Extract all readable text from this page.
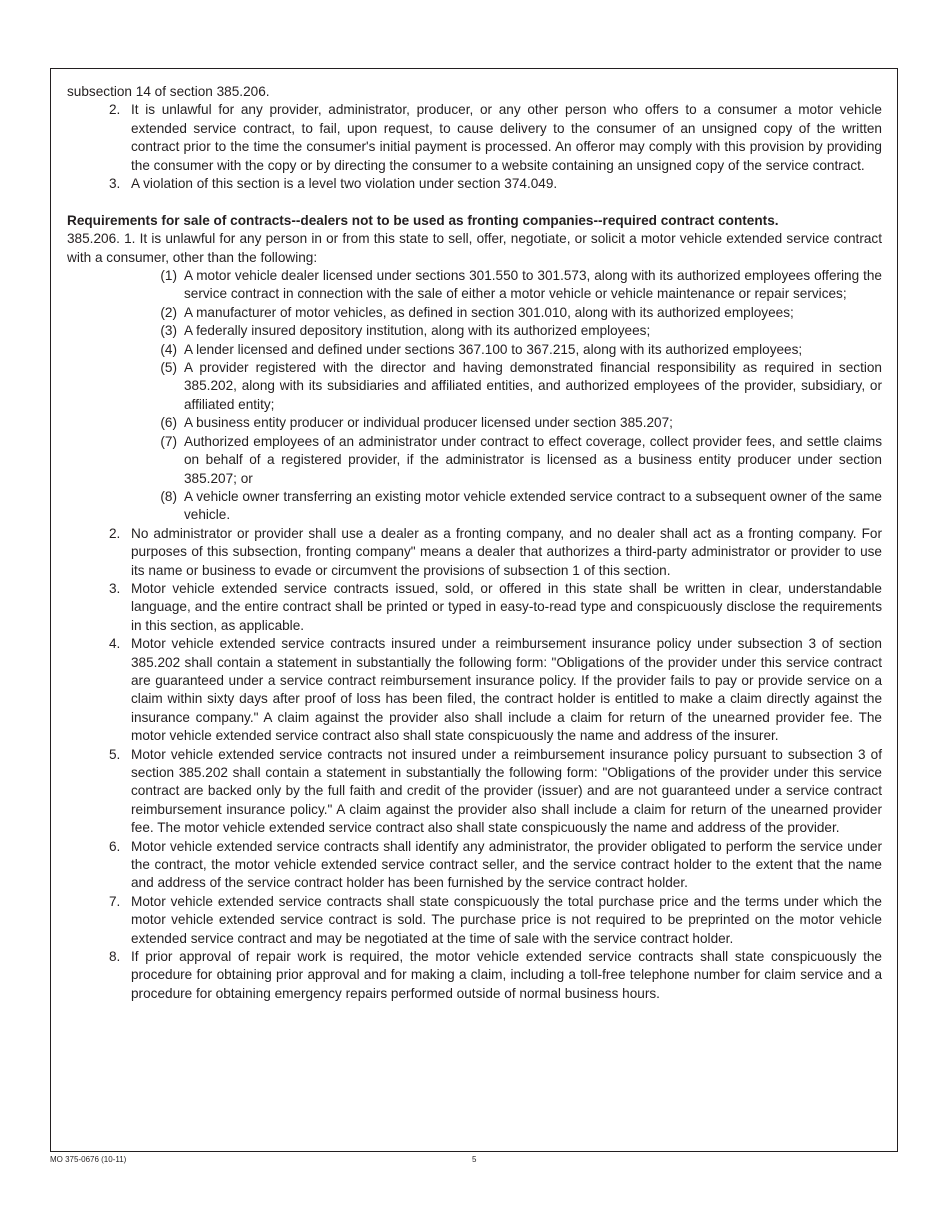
subsection 14 of section 385.206.

2. It is unlawful for any provider, administrator, producer, or any other person who offers to a consumer a motor vehicle extended service contract, to fail, upon request, to cause delivery to the consumer of an unsigned copy of the written contract prior to the time the consumer's initial payment is processed. An offeror may comply with this provision by providing the consumer with the copy or by directing the consumer to a website containing an unsigned copy of the service contract.
3. A violation of this section is a level two violation under section 374.049.

Requirements for sale of contracts--dealers not to be used as fronting companies--required contract contents.

385.206. 1. It is unlawful for any person in or from this state to sell, offer, negotiate, or solicit a motor vehicle extended service contract with a consumer, other than the following:

(1) A motor vehicle dealer licensed under sections 301.550 to 301.573, along with its authorized employees offering the service contract in connection with the sale of either a motor vehicle or vehicle maintenance or repair services;
(2) A manufacturer of motor vehicles, as defined in section 301.010, along with its authorized employees;
(3) A federally insured depository institution, along with its authorized employees;
(4) A lender licensed and defined under sections 367.100 to 367.215, along with its authorized employees;
(5) A provider registered with the director and having demonstrated financial responsibility as required in section 385.202, along with its subsidiaries and affiliated entities, and authorized employees of the provider, subsidiary, or affiliated entity;
(6) A business entity producer or individual producer licensed under section 385.207;
(7) Authorized employees of an administrator under contract to effect coverage, collect provider fees, and settle claims on behalf of a registered provider, if the administrator is licensed as a business entity producer under section 385.207; or
(8) A vehicle owner transferring an existing motor vehicle extended service contract to a subsequent owner of the same vehicle.
2. No administrator or provider shall use a dealer as a fronting company, and no dealer shall act as a fronting company. For purposes of this subsection, fronting company" means a dealer that authorizes a third-party administrator or provider to use its name or business to evade or circumvent the provisions of subsection 1 of this section.
3. Motor vehicle extended service contracts issued, sold, or offered in this state shall be written in clear, understandable language, and the entire contract shall be printed or typed in easy-to-read type and conspicuously disclose the requirements in this section, as applicable.
4. Motor vehicle extended service contracts insured under a reimbursement insurance policy under subsection 3 of section 385.202 shall contain a statement in substantially the following form: "Obligations of the provider under this service contract are guaranteed under a service contract reimbursement insurance policy. If the provider fails to pay or provide service on a claim within sixty days after proof of loss has been filed, the contract holder is entitled to make a claim directly against the insurance company." A claim against the provider also shall include a claim for return of the unearned provider fee. The motor vehicle extended service contract also shall state conspicuously the name and address of the insurer.
5. Motor vehicle extended service contracts not insured under a reimbursement insurance policy pursuant to subsection 3 of section 385.202 shall contain a statement in substantially the following form: "Obligations of the provider under this service contract are backed only by the full faith and credit of the provider (issuer) and are not guaranteed under a service contract reimbursement insurance policy." A claim against the provider also shall include a claim for return of the unearned provider fee. The motor vehicle extended service contract also shall state conspicuously the name and address of the provider.
6. Motor vehicle extended service contracts shall identify any administrator, the provider obligated to perform the service under the contract, the motor vehicle extended service contract seller, and the service contract holder to the extent that the name and address of the service contract holder has been furnished by the service contract holder.
7. Motor vehicle extended service contracts shall state conspicuously the total purchase price and the terms under which the motor vehicle extended service contract is sold. The purchase price is not required to be preprinted on the motor vehicle extended service contract and may be negotiated at the time of sale with the service contract holder.
8. If prior approval of repair work is required, the motor vehicle extended service contracts shall state conspicuously the procedure for obtaining prior approval and for making a claim, including a toll-free telephone number for claim service and a procedure for obtaining emergency repairs performed outside of normal business hours.
MO 375-0676 (10-11)	5
